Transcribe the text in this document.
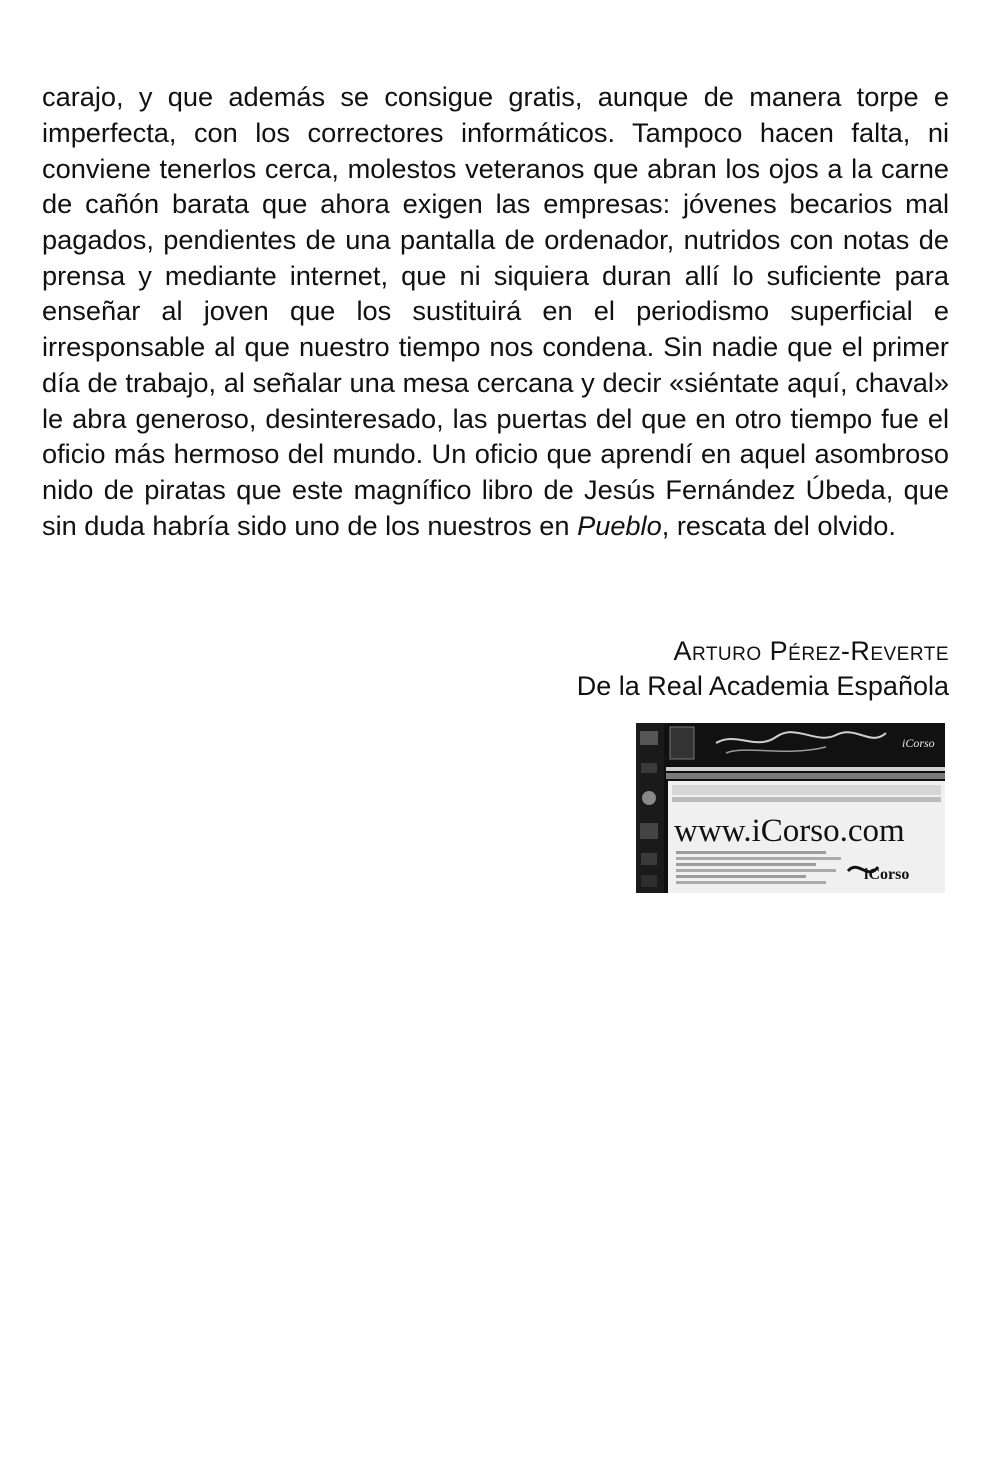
carajo, y que además se consigue gratis, aunque de manera torpe e imperfecta, con los correctores informáticos. Tampoco hacen falta, ni conviene tenerlos cerca, molestos veteranos que abran los ojos a la carne de cañón barata que ahora exigen las empresas: jóvenes becarios mal pagados, pendientes de una pantalla de ordenador, nutridos con notas de prensa y mediante internet, que ni siquiera duran allí lo suficiente para enseñar al joven que los sustituirá en el periodismo superficial e irresponsable al que nuestro tiempo nos condena. Sin nadie que el primer día de trabajo, al señalar una mesa cercana y decir «siéntate aquí, chaval» le abra generoso, desinteresado, las puertas del que en otro tiempo fue el oficio más hermoso del mundo. Un oficio que aprendí en aquel asombroso nido de piratas que este magnífico libro de Jesús Fernández Úbeda, que sin duda habría sido uno de los nuestros en Pueblo, rescata del olvido.

Arturo Pérez-Reverte
De la Real Academia Española
iCorso
www.iCorso.com
iCorso
